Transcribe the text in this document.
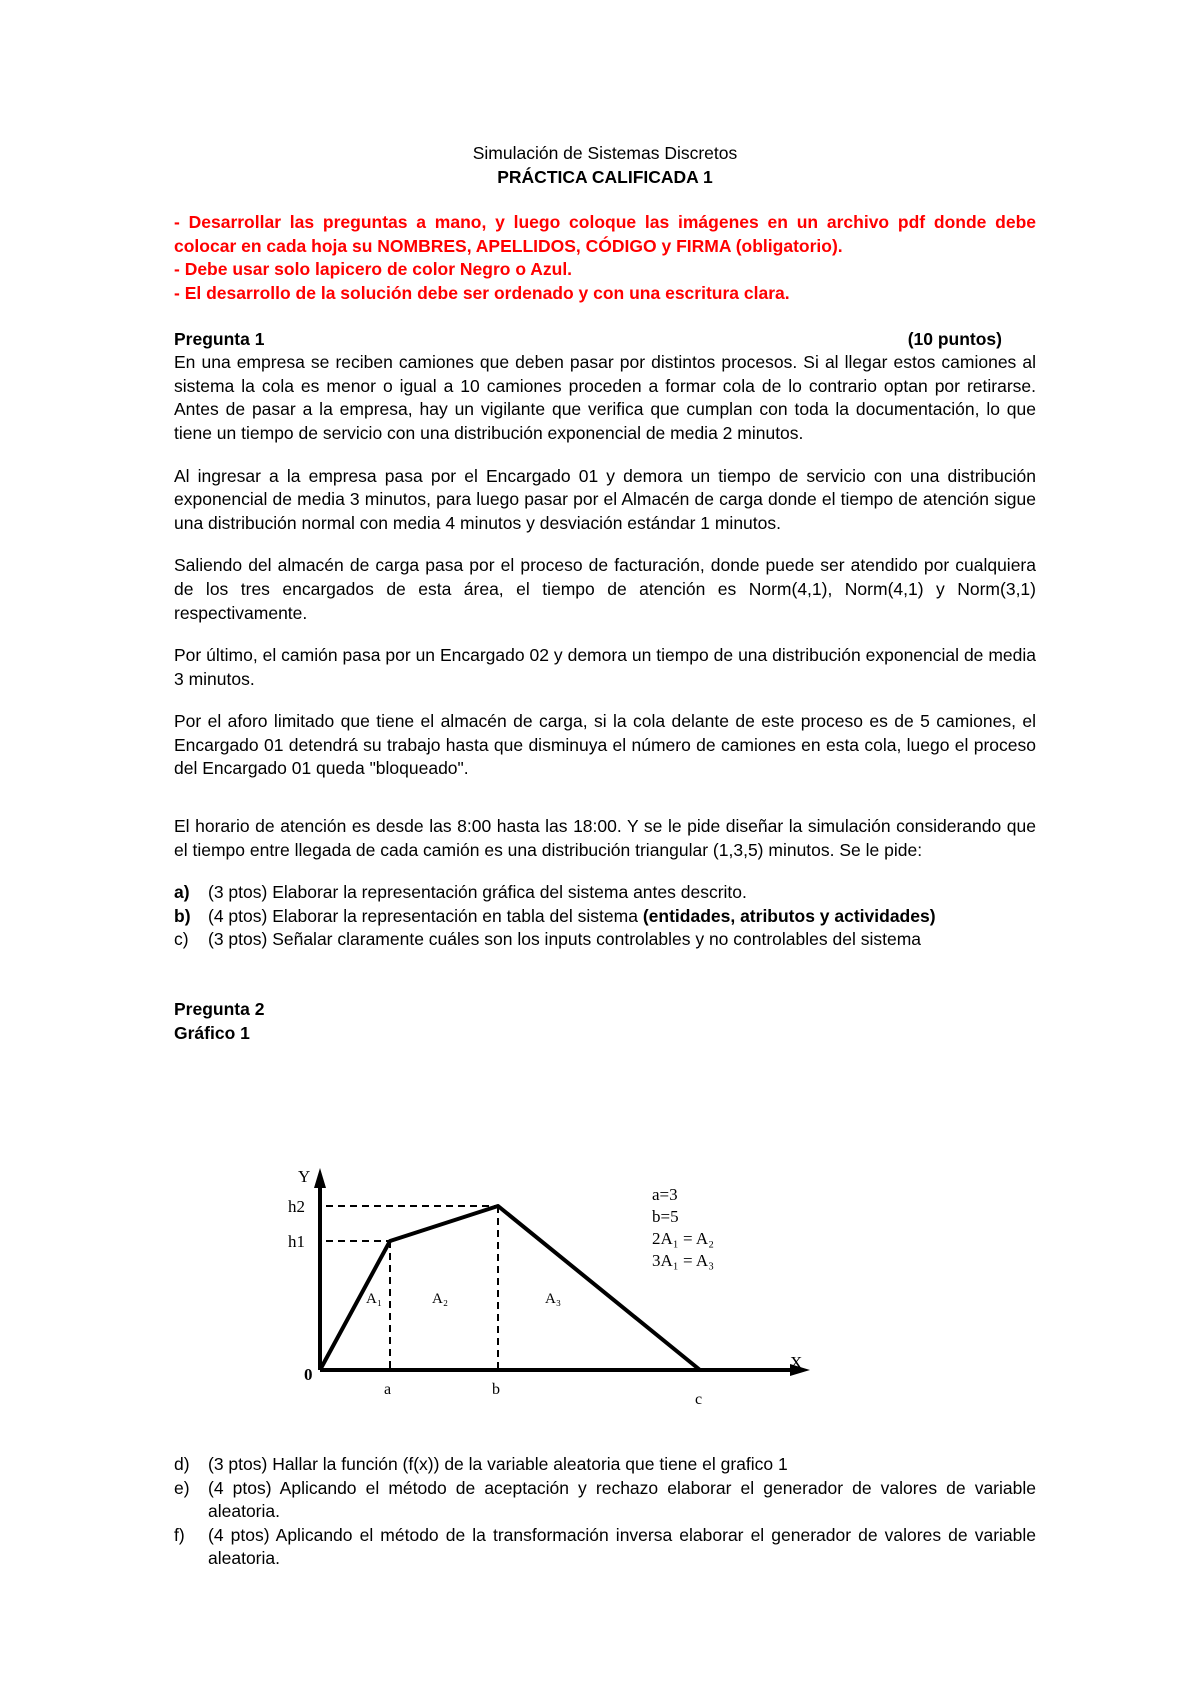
Simulación de Sistemas Discretos

PRÁCTICA CALIFICADA 1

- Desarrollar las preguntas a mano, y luego coloque las imágenes en un archivo pdf donde debe colocar en cada hoja su NOMBRES, APELLIDOS, CÓDIGO y FIRMA (obligatorio).

- Debe usar solo lapicero de color Negro o Azul.

- El desarrollo de la solución debe ser ordenado y con una escritura clara.

Pregunta 1	(10 puntos)

En una empresa se reciben camiones que deben pasar por distintos procesos. Si al llegar estos camiones al sistema la cola es menor o igual a 10 camiones proceden a formar cola de lo contrario optan por retirarse. Antes de pasar a la empresa, hay un vigilante que verifica que cumplan con toda la documentación, lo que tiene un tiempo de servicio con una distribución exponencial de media 2 minutos.

Al ingresar a la empresa pasa por el Encargado 01 y demora un tiempo de servicio con una distribución exponencial de media 3 minutos, para luego pasar por el Almacén de carga donde el tiempo de atención sigue una distribución normal con media 4 minutos y desviación estándar 1 minutos.

Saliendo del almacén de carga pasa por el proceso de facturación, donde puede ser atendido por cualquiera de los tres encargados de esta área, el tiempo de atención es Norm(4,1), Norm(4,1) y Norm(3,1) respectivamente.

Por último, el camión pasa por un Encargado 02 y demora un tiempo de una distribución exponencial de media 3 minutos.

Por el aforo limitado que tiene el almacén de carga, si la cola delante de este proceso es de 5 camiones, el Encargado 01 detendrá su trabajo hasta que disminuya el número de camiones en esta cola, luego el proceso del Encargado 01 queda "bloqueado".

El horario de atención es desde las 8:00 hasta las 18:00. Y se le pide diseñar la simulación considerando que el tiempo entre llegada de cada camión es una distribución triangular (1,3,5) minutos. Se le pide:

a)	(3 ptos) Elaborar la representación gráfica del sistema antes descrito.
b) (4 ptos) Elaborar la representación en tabla del sistema (entidades, atributos y actividades)
c)	(3 ptos) Señalar claramente cuáles son los inputs controlables y no controlables del sistema

Pregunta 2

Gráfico 1

Y
X
h2
h1
0
a	b
c
A₁	A₂	A₃
a=3
b=5
2A₁ = A₂
3A₁ = A₃
d)	(3 ptos) Hallar la función (f(x)) de la variable aleatoria que tiene el grafico 1
e)	(4 ptos) Aplicando el método de aceptación y rechazo elaborar el generador de valores de variable aleatoria.
f)	(4 ptos) Aplicando el método de la transformación inversa elaborar el generador de valores de variable aleatoria.
